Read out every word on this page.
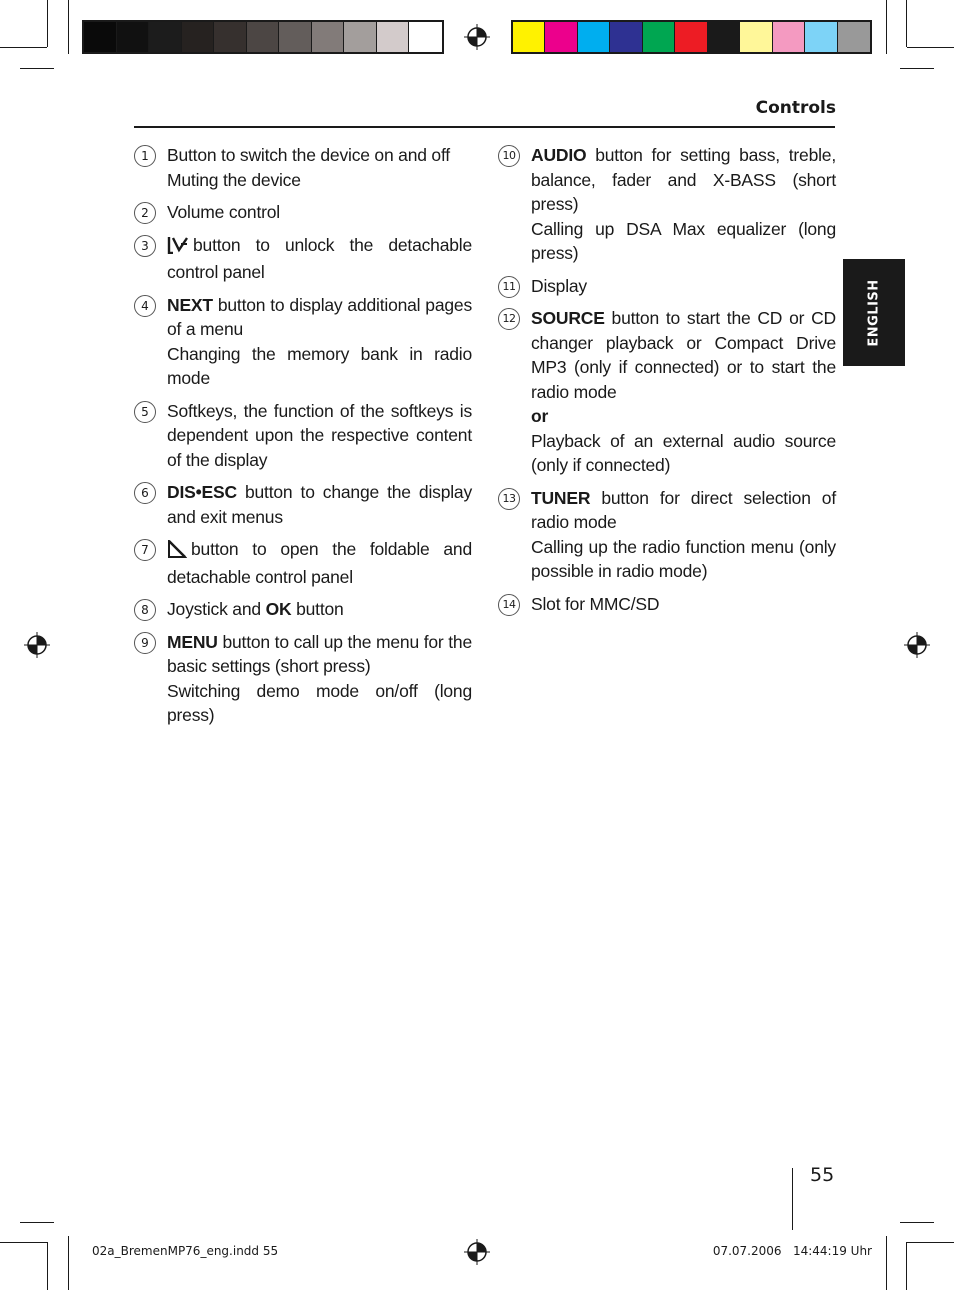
Controls
ENGLISH
1	Button to switch the device on and off

Muting the device

2	Volume control

3	button to unlock the detachable control panel

4	NEXT button to display additional pages of a menu

Changing the memory bank in radio mode

5	Softkeys, the function of the softkeys is dependent upon the respective content of the display

6	DIS•ESC button to change the display and exit menus

7	button to open the foldable and detachable control panel

8	Joystick and OK button

9	MENU button to call up the menu for the basic settings (short press)

Switching demo mode on/off (long press)

10 AUDIO button for setting bass, treble, balance, fader and X-BASS (short press)

Calling up DSA Max equalizer (long press)

11 Display

12 SOURCE button to start the CD or CD changer playback or Compact Drive MP3 (only if connected) or to start the radio mode

or

Playback of an external audio source (only if connected)

13 TUNER button for direct selection of radio mode

Calling up the radio function menu (only possible in radio mode)

14 Slot for MMC/SD

55
02a_BremenMP76_eng.indd 55	07.07.2006   14:44:19 Uhr
